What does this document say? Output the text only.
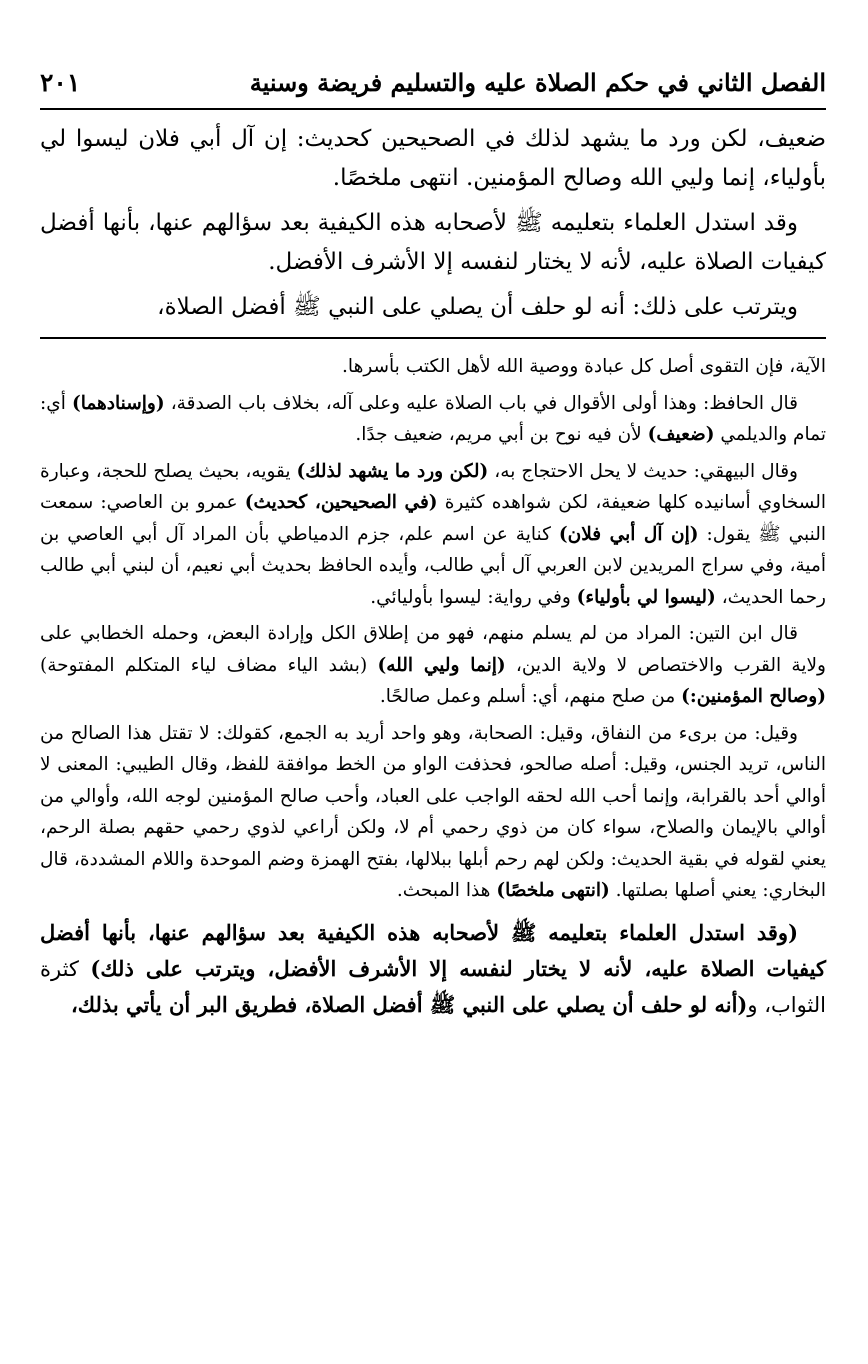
الفصل الثاني في حكم الصلاة عليه والتسليم فريضة وسنية
٢٠١

ضعيف، لكن ورد ما يشهد لذلك في الصحيحين كحديث: إن آل أبي فلان ليسوا لي بأولياء، إنما وليي الله وصالح المؤمنين. انتهى ملخصًا.

وقد استدل العلماء بتعليمه ﷺ لأصحابه هذه الكيفية بعد سؤالهم عنها، بأنها أفضل كيفيات الصلاة عليه، لأنه لا يختار لنفسه إلا الأشرف الأفضل.

ويترتب على ذلك: أنه لو حلف أن يصلي على النبي ﷺ أفضل الصلاة،

الآية، فإن التقوى أصل كل عبادة ووصية الله لأهل الكتب بأسرها.

قال الحافظ: وهذا أولى الأقوال في باب الصلاة عليه وعلى آله، بخلاف باب الصدقة، (وإسنادهما) أي: تمام والديلمي (ضعيف) لأن فيه نوح بن أبي مريم، ضعيف جدًا.

وقال البيهقي: حديث لا يحل الاحتجاج به، (لكن ورد ما يشهد لذلك) يقويه، بحيث يصلح للحجة، وعبارة السخاوي أسانيده كلها ضعيفة، لكن شواهده كثيرة (في الصحيحين، كحديث) عمرو بن العاصي: سمعت النبي ﷺ يقول: (إن آل أبي فلان) كناية عن اسم علم، جزم الدمياطي بأن المراد آل أبي العاصي بن أمية، وفي سراج المريدين لابن العربي آل أبي طالب، وأيده الحافظ بحديث أبي نعيم، أن لبني أبي طالب رحما الحديث، (ليسوا لي بأولياء) وفي رواية: ليسوا بأوليائي.

قال ابن التين: المراد من لم يسلم منهم، فهو من إطلاق الكل وإرادة البعض، وحمله الخطابي على ولاية القرب والاختصاص لا ولاية الدين، (إنما وليي الله) (بشد الياء مضاف لياء المتكلم المفتوحة) (وصالح المؤمنين:) من صلح منهم، أي: أسلم وعمل صالحًا.

وقيل: من برىء من النفاق، وقيل: الصحابة، وهو واحد أريد به الجمع، كقولك: لا تقتل هذا الصالح من الناس، تريد الجنس، وقيل: أصله صالحو، فحذفت الواو من الخط موافقة للفظ، وقال الطيبي: المعنى لا أوالي أحد بالقرابة، وإنما أحب الله لحقه الواجب على العباد، وأحب صالح المؤمنين لوجه الله، وأوالي من أوالي بالإيمان والصلاح، سواء كان من ذوي رحمي أم لا، ولكن أراعي لذوي رحمي حقهم بصلة الرحم، يعني لقوله في بقية الحديث: ولكن لهم رحم أبلها ببلالها، بفتح الهمزة وضم الموحدة واللام المشددة، قال البخاري: يعني أصلها بصلتها. (انتهى ملخصًا) هذا المبحث.

(وقد استدل العلماء بتعليمه ﷺ لأصحابه هذه الكيفية بعد سؤالهم عنها، بأنها أفضل كيفيات الصلاة عليه، لأنه لا يختار لنفسه إلا الأشرف الأفضل، ويترتب على ذلك) كثرة الثواب، و(أنه لو حلف أن يصلي على النبي ﷺ أفضل الصلاة، فطريق البر أن يأتي بذلك،
